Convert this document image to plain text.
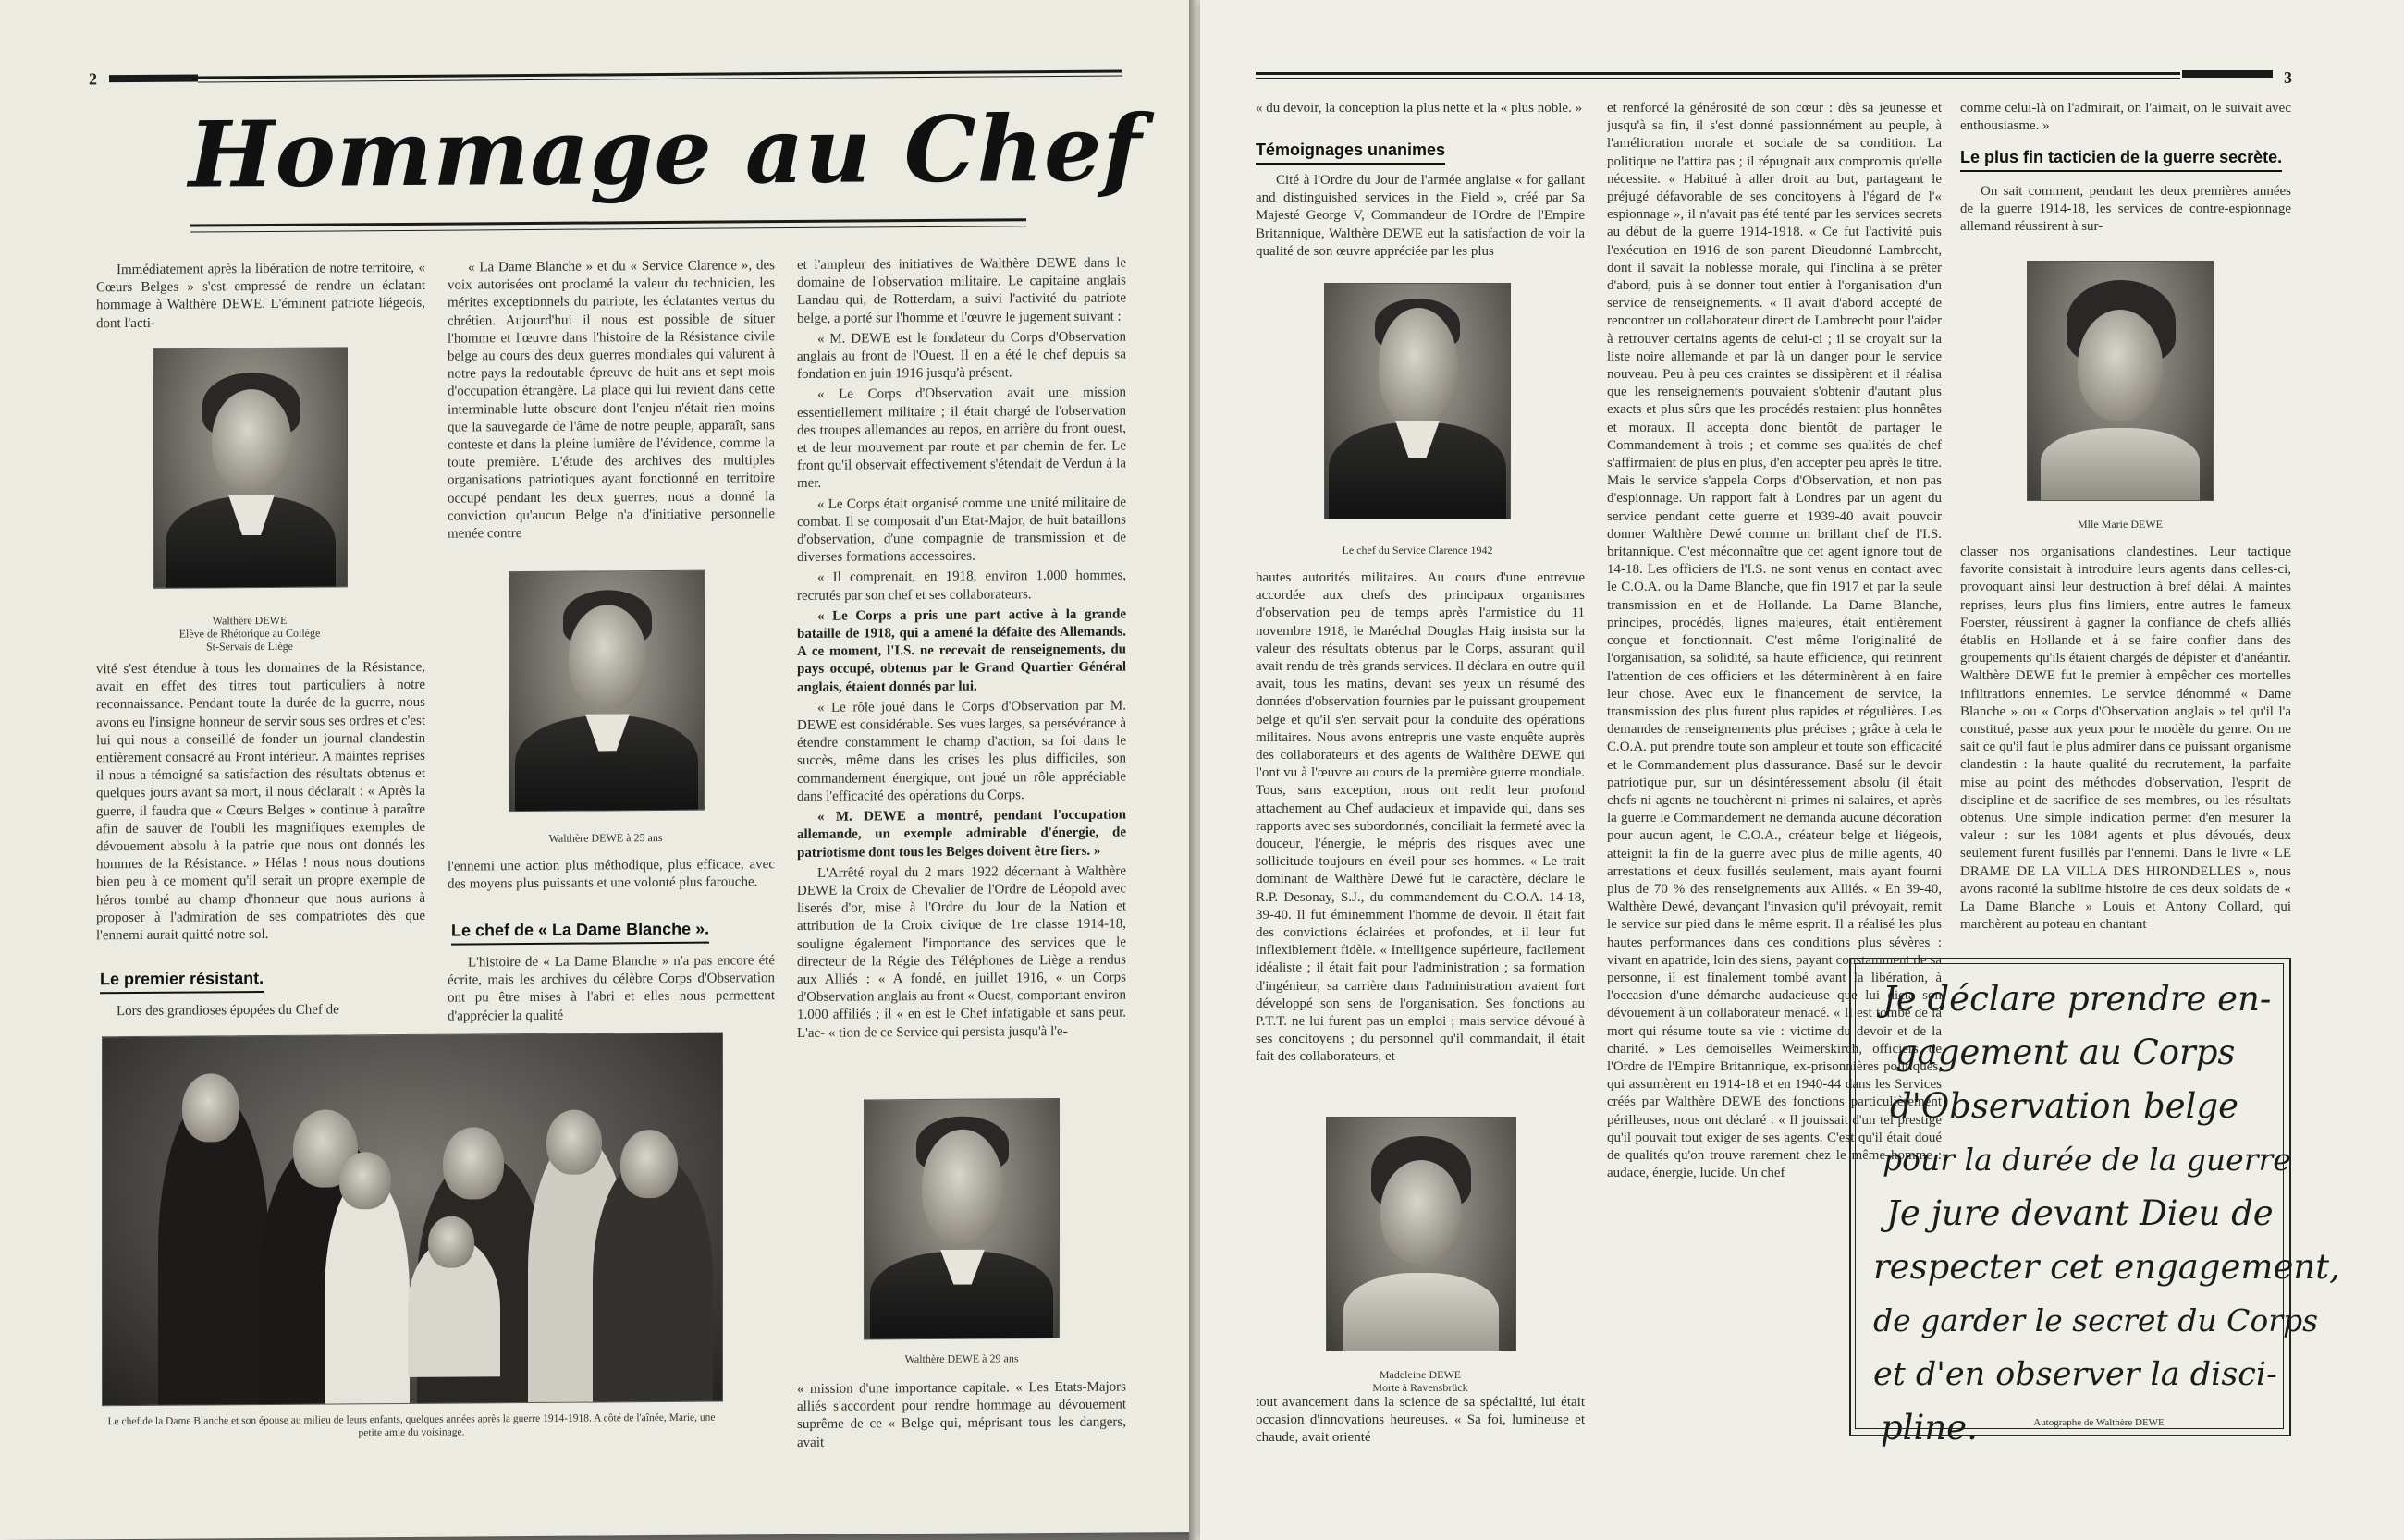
2
Hommage au Chef

Immédiatement après la libération de notre territoire, « Cœurs Belges » s'est empressé de rendre un éclatant hommage à Walthère DEWE. L'éminent patriote liégeois, dont l'acti-

Walthère DEWE
Elève de Rhétorique au Collège
St-Servais de Liège

vité s'est étendue à tous les domaines de la Résistance, avait en effet des titres tout particuliers à notre reconnaissance. Pendant toute la durée de la guerre, nous avons eu l'insigne honneur de servir sous ses ordres et c'est lui qui nous a conseillé de fonder un journal clandestin entièrement consacré au Front intérieur. A maintes reprises il nous a témoigné sa satisfaction des résultats obtenus et quelques jours avant sa mort, il nous déclarait : « Après la guerre, il faudra que « Cœurs Belges » continue à paraître afin de sauver de l'oubli les magnifiques exemples de dévouement absolu à la patrie que nous ont donnés les hommes de la Résistance. » Hélas ! nous nous doutions bien peu à ce moment qu'il serait un propre exemple de héros tombé au champ d'honneur que nous aurions à proposer à l'admiration de ses compatriotes dès que l'ennemi aurait quitté notre sol.

Le premier résistant.

Lors des grandioses épopées du Chef de

« La Dame Blanche » et du « Service Clarence », des voix autorisées ont proclamé la valeur du technicien, les mérites exceptionnels du patriote, les éclatantes vertus du chrétien. Aujourd'hui il nous est possible de situer l'homme et l'œuvre dans l'histoire de la Résistance civile belge au cours des deux guerres mondiales qui valurent à notre pays la redoutable épreuve de huit ans et sept mois d'occupation étrangère. La place qui lui revient dans cette interminable lutte obscure dont l'enjeu n'était rien moins que la sauvegarde de l'âme de notre peuple, apparaît, sans conteste et dans la pleine lumière de l'évidence, comme la toute première. L'étude des archives des multiples organisations patriotiques ayant fonctionné en territoire occupé pendant les deux guerres, nous a donné la conviction qu'aucun Belge n'a d'initiative personnelle menée contre

Walthère DEWE à 25 ans

l'ennemi une action plus méthodique, plus efficace, avec des moyens plus puissants et une volonté plus farouche.

Le chef de « La Dame Blanche ».

L'histoire de « La Dame Blanche » n'a pas encore été écrite, mais les archives du célèbre Corps d'Observation ont pu être mises à l'abri et elles nous permettent d'apprécier la qualité

Le chef de la Dame Blanche et son épouse au milieu de leurs enfants, quelques années après la guerre 1914-1918. A côté de l'aînée, Marie, une petite amie du voisinage.

et l'ampleur des initiatives de Walthère DEWE dans le domaine de l'observation militaire. Le capitaine anglais Landau qui, de Rotterdam, a suivi l'activité du patriote belge, a porté sur l'homme et l'œuvre le jugement suivant :

« M. DEWE est le fondateur du Corps d'Observation anglais au front de l'Ouest. Il en a été le chef depuis sa fondation en juin 1916 jusqu'à présent.

« Le Corps d'Observation avait une mission essentiellement militaire ; il était chargé de l'observation des troupes allemandes au repos, en arrière du front ouest, et de leur mouvement par route et par chemin de fer. Le front qu'il observait effectivement s'étendait de Verdun à la mer.

« Le Corps était organisé comme une unité militaire de combat. Il se composait d'un Etat-Major, de huit bataillons d'observation, d'une compagnie de transmission et de diverses formations accessoires.

« Il comprenait, en 1918, environ 1.000 hommes, recrutés par son chef et ses collaborateurs.

« Le Corps a pris une part active à la grande bataille de 1918, qui a amené la défaite des Allemands. A ce moment, l'I.S. ne recevait de renseignements, du pays occupé, obtenus par le Grand Quartier Général anglais, étaient donnés par lui.

« Le rôle joué dans le Corps d'Observation par M. DEWE est considérable. Ses vues larges, sa persévérance à étendre constamment le champ d'action, sa foi dans le succès, même dans les crises les plus difficiles, son commandement énergique, ont joué un rôle appréciable dans l'efficacité des opérations du Corps.

« M. DEWE a montré, pendant l'occupation allemande, un exemple admirable d'énergie, de patriotisme dont tous les Belges doivent être fiers. »

L'Arrêté royal du 2 mars 1922 décernant à Walthère DEWE la Croix de Chevalier de l'Ordre de Léopold avec liserés d'or, mise à l'Ordre du Jour de la Nation et attribution de la Croix civique de 1re classe 1914-18, souligne également l'importance des services que le directeur de la Régie des Téléphones de Liège a rendus aux Alliés : « A fondé, en juillet 1916, « un Corps d'Observation anglais au front « Ouest, comportant environ 1.000 affiliés ; il « en est le Chef infatigable et sans peur. L'ac- « tion de ce Service qui persista jusqu'à l'e-

Walthère DEWE à 29 ans

« mission d'une importance capitale. « Les Etats-Majors alliés s'accordent pour rendre hommage au dévouement suprême de ce « Belge qui, méprisant tous les dangers, avait

3

« du devoir, la conception la plus nette et la « plus noble. »

Témoignages unanimes

Cité à l'Ordre du Jour de l'armée anglaise « for gallant and distinguished services in the Field », créé par Sa Majesté George V, Commandeur de l'Ordre de l'Empire Britannique, Walthère DEWE eut la satisfaction de voir la qualité de son œuvre appréciée par les plus

Le chef du Service Clarence 1942

hautes autorités militaires. Au cours d'une entrevue accordée aux chefs des principaux organismes d'observation peu de temps après l'armistice du 11 novembre 1918, le Maréchal Douglas Haig insista sur la valeur des résultats obtenus par le Corps, assurant qu'il avait rendu de très grands services. Il déclara en outre qu'il avait, tous les matins, devant ses yeux un résumé des données d'observation fournies par le puissant groupement belge et qu'il s'en servait pour la conduite des opérations militaires. Nous avons entrepris une vaste enquête auprès des collaborateurs et des agents de Walthère DEWE qui l'ont vu à l'œuvre au cours de la première guerre mondiale. Tous, sans exception, nous ont redit leur profond attachement au Chef audacieux et impavide qui, dans ses rapports avec ses subordonnés, conciliait la fermeté avec la douceur, l'énergie, le mépris des risques avec une sollicitude toujours en éveil pour ses hommes. « Le trait dominant de Walthère Dewé fut le caractère, déclare le R.P. Desonay, S.J., du commandement du C.O.A. 14-18, 39-40. Il fut éminemment l'homme de devoir. Il était fait des convictions éclairées et profondes, et il leur fut inflexiblement fidèle. « Intelligence supérieure, facilement idéaliste ; il était fait pour l'administration ; sa formation d'ingénieur, sa carrière dans l'administration avaient fort développé son sens de l'organisation. Ses fonctions au P.T.T. ne lui furent pas un emploi ; mais service dévoué à ses concitoyens ; du personnel qu'il commandait, il était fait des collaborateurs, et

Madeleine DEWE
Morte à Ravensbrück

tout avancement dans la science de sa spécialité, lui était occasion d'innovations heureuses. « Sa foi, lumineuse et chaude, avait orienté

et renforcé la générosité de son cœur : dès sa jeunesse et jusqu'à sa fin, il s'est donné passionnément au peuple, à l'amélioration morale et sociale de sa condition. La politique ne l'attira pas ; il répugnait aux compromis qu'elle nécessite. « Habitué à aller droit au but, partageant le préjugé défavorable de ses concitoyens à l'égard de l'« espionnage », il n'avait pas été tenté par les services secrets au début de la guerre 1914-1918. « Ce fut l'activité puis l'exécution en 1916 de son parent Dieudonné Lambrecht, dont il savait la noblesse morale, qui l'inclina à se prêter d'abord, puis à se donner tout entier à l'organisation d'un service de renseignements. « Il avait d'abord accepté de rencontrer un collaborateur direct de Lambrecht pour l'aider à retrouver certains agents de celui-ci ; il se croyait sur la liste noire allemande et par là un danger pour le service nouveau. Peu à peu ces craintes se dissipèrent et il réalisa que les renseignements pouvaient s'obtenir d'autant plus exacts et plus sûrs que les procédés restaient plus honnêtes et moraux. Il accepta donc bientôt de partager le Commandement à trois ; et comme ses qualités de chef s'affirmaient de plus en plus, d'en accepter peu après le titre. Mais le service s'appela Corps d'Observation, et non pas d'espionnage. Un rapport fait à Londres par un agent du service pendant cette guerre et 1939-40 avait pouvoir donner Walthère Dewé comme un brillant chef de l'I.S. britannique. C'est méconnaître que cet agent ignore tout de 14-18. Les officiers de l'I.S. ne sont venus en contact avec le C.O.A. ou la Dame Blanche, que fin 1917 et par la seule transmission en et de Hollande. La Dame Blanche, principes, procédés, lignes majeures, était entièrement conçue et fonctionnait. C'est même l'originalité de l'organisation, sa solidité, sa haute efficience, qui retinrent l'attention de ces officiers et les déterminèrent à en faire leur chose. Avec eux le financement de service, la transmission des plus furent plus rapides et régulières. Les demandes de renseignements plus précises ; grâce à cela le C.O.A. put prendre toute son ampleur et toute son efficacité et le Commandement plus d'assurance. Basé sur le devoir patriotique pur, sur un désintéressement absolu (il était chefs ni agents ne touchèrent ni primes ni salaires, et après la guerre le Commandement ne demanda aucune décoration pour aucun agent, le C.O.A., créateur belge et liégeois, atteignit la fin de la guerre avec plus de mille agents, 40 arrestations et deux fusillés seulement, mais ayant fourni plus de 70 % des renseignements aux Alliés. « En 39-40, Walthère Dewé, devançant l'invasion qu'il prévoyait, remit le service sur pied dans le même esprit. Il a réalisé les plus hautes performances dans ces conditions plus sévères : vivant en apatride, loin des siens, payant constamment de sa personne, il est finalement tombé avant la libération, à l'occasion d'une démarche audacieuse que lui dicta son dévouement à un collaborateur menacé. « Il est tombé de la mort qui résume toute sa vie : victime du devoir et de la charité. » Les demoiselles Weimerskirch, officiers de l'Ordre de l'Empire Britannique, ex-prisonnières politiques, qui assumèrent en 1914-18 et en 1940-44 dans les Services créés par Walthère DEWE des fonctions particulièrement périlleuses, nous ont déclaré : « Il jouissait d'un tel prestige qu'il pouvait tout exiger de ses agents. C'est qu'il était doué de qualités qu'on trouve rarement chez le même homme : audace, énergie, lucide. Un chef

comme celui-là on l'admirait, on l'aimait, on le suivait avec enthousiasme. »

Le plus fin tacticien de la guerre secrète.

On sait comment, pendant les deux premières années de la guerre 1914-18, les services de contre-espionnage allemand réussirent à sur-

Mlle Marie DEWE

classer nos organisations clandestines. Leur tactique favorite consistait à introduire leurs agents dans celles-ci, provoquant ainsi leur destruction à bref délai. A maintes reprises, leurs plus fins limiers, entre autres le fameux Foerster, réussirent à gagner la confiance de chefs alliés établis en Hollande et à se faire confier dans des groupements qu'ils étaient chargés de dépister et d'anéantir. Walthère DEWE fut le premier à empêcher ces mortelles infiltrations ennemies. Le service dénommé « Dame Blanche » ou « Corps d'Observation anglais » tel qu'il l'a constitué, passe aux yeux pour le modèle du genre. On ne sait ce qu'il faut le plus admirer dans ce puissant organisme clandestin : la haute qualité du recrutement, la parfaite mise au point des méthodes d'observation, l'esprit de discipline et de sacrifice de ses membres, ou les résultats obtenus. Une simple indication permet d'en mesurer la valeur : sur les 1084 agents et plus dévoués, deux seulement furent fusillés par l'ennemi. Dans le livre « LE DRAME DE LA VILLA DES HIRONDELLES », nous avons raconté la sublime histoire de ces deux soldats de « La Dame Blanche » Louis et Antony Collard, qui marchèrent au poteau en chantant

Je déclare prendre en-
gagement au Corps
d'Observation belge
pour la durée de la guerre
Je jure devant Dieu de
respecter cet engagement,
de garder le secret du Corps
et d'en observer la disci-
pline.	Autographe de Walthère DEWE
